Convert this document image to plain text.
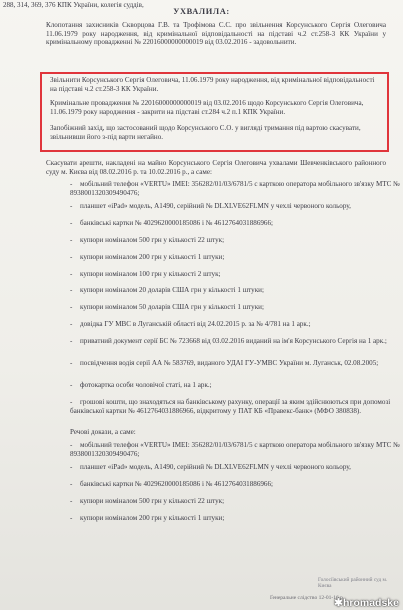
288, 314, 369, 376 КПК України, колегія суддів,
УХВАЛИЛА:
Клопотання захисників Скворцова Г.В. та Трофімова С.С. про звільнення Корсунського Сергія Олеговича 11.06.1979 року народження, від кримінальної відповідальності на підставі ч.2 ст.258-3 КК України у кримінальному провадженні № 22016000000000019 від 03.02.2016 - задовольнити.
Звільнити Корсунського Сергія Олеговича, 11.06.1979 року народження, від кримінальної відповідальності на підставі ч.2 ст.258-3 КК України.
Кримінальне провадження № 22016000000000019 від 03.02.2016 щодо Корсунського Сергія Олеговича, 11.06.1979 року народження - закрити на підставі ст.284 ч.2 п.1 КПК України.
Запобіжний захід, що застосований щодо Корсунського С.О. у вигляді тримання під вартою скасувати, звільнивши його з-під варти негайно.
Скасувати арешти, накладені на майно Корсунського Сергія Олеговича ухвалами Шевченківського районного суду м. Києва від 08.02.2016 р. та 10.02.2016 р., а саме:
- мобільний телефон «VERTU» IMEI: 356282/01/03/6781/5 с карткою оператора мобільного зв'язку МТС № 8938001320309490476;
- планшет «iPad» модель, А1490, серійний № DLXLVE62FLMN у чехлі червоного кольору,
- банківські картки № 4029620000185086 і № 4612764031886966;
- купюри номіналом 500 грн у кількості 22 штук;
- купюри номіналом 200 грн у кількості 1 штуки;
- купюри номіналом 100 грн у кількості 2 штук;
- купюри номіналом 20 доларів США грн у кількості 1 штуки;
- купюри номіналом 50 доларів США грн у кількості 1 штуки;
- довідка ГУ МВС в Луганській області від 24.02.2015 р. за № 4/781 на 1 арк.;
- приватний документ серії БС № 723668 від 03.02.2016 виданий на ім'я Корсунського Сергія на 1 арк.;
- посвідчення водія серії АА № 583769, виданого УДАІ ГУ-УМВС України м. Луганськ, 02.08.2005;
- фотокартка особи чоловічої статі, на 1 арк.;
- грошові кошти, що знаходяться на банківському рахунку, операції за яким здійснюються при допомозі банківської картки № 4612764031886966, відкритому у ПАТ КБ «Правекс-банк» (МФО 380838).
Речові докази, а саме:
- мобільний телефон «VERTU» IMEI: 356282/01/03/6781/5 с карткою оператора мобільного зв'язку МТС № 8938001320309490476;
- планшет «iPad» модель, А1490, серійний № DLXLVE62FLMN у чехлі червоного кольору,
- банківські картки № 4029620000185086 і № 4612764031886966;
- купюри номіналом 500 грн у кількості 22 штук;
- купюри номіналом 200 грн у кількості 1 штуки;
Ґенеральне слідство 12-01-16 р.
Голосіївський районний суд м. Києва
✱hromadske
